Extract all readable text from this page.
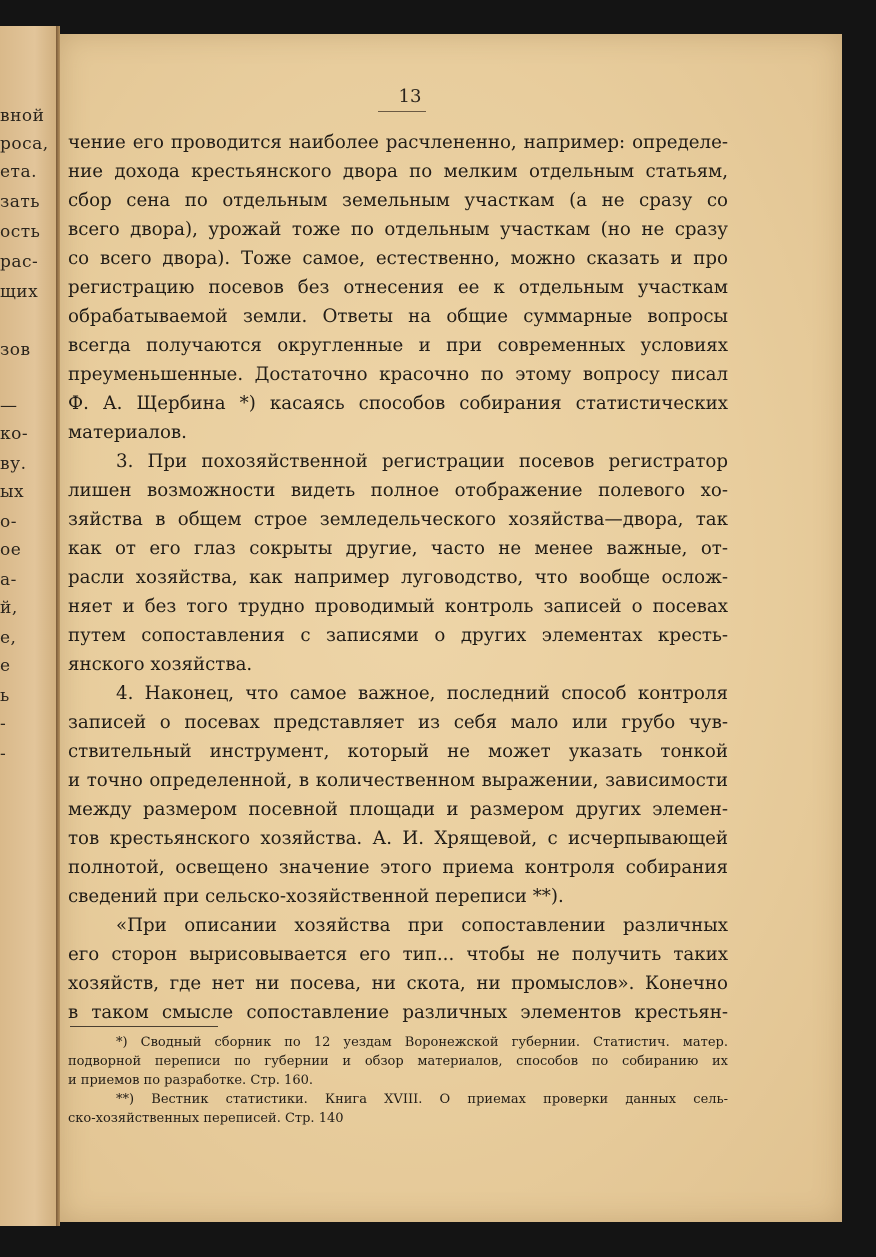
вной
роса,
ета.
зать
ость
рас-
щих
зов
—
ко-
ву.
ых
о-
ое
а-
й,
е,
е
ь
-
-
13
чение его проводится наиболее расчлененно, например: определе-
ние дохода крестьянского двора по мелким отдельным статьям,
сбор сена по отдельным земельным участкам (а не сразу со
всего двора), урожай тоже по отдельным участкам (но не сразу
со всего двора). Тоже самое, естественно, можно сказать и про
регистрацию посевов без отнесения ее к отдельным участкам
обрабатываемой земли. Ответы на общие суммарные вопросы
всегда получаются округленные и при современных условиях
преуменьшенные. Достаточно красочно по этому вопросу писал
Ф. А. Щербина *) касаясь способов собирания статистических
материалов.
3. При похозяйственной регистрации посевов регистратор
лишен возможности видеть полное отображение полевого хо-
зяйства в общем строе земледельческого хозяйства—двора, так
как от его глаз сокрыты другие, часто не менее важные, от-
расли хозяйства, как например луговодство, что вообще ослож-
няет и без того трудно проводимый контроль записей о посевах
путем сопоставления с записями о других элементах кресть-
янского хозяйства.
4. Наконец, что самое важное, последний способ контроля
записей о посевах представляет из себя мало или грубо чув-
ствительный инструмент, который не может указать тонкой
и точно определенной, в количественном выражении, зависимости
между размером посевной площади и размером других элемен-
тов крестьянского хозяйства. А. И. Хрящевой, с исчерпывающей
полнотой, освещено значение этого приема контроля собирания
сведений при сельско-хозяйственной переписи **).
«При описании хозяйства при сопоставлении различных
его сторон вырисовывается его тип... чтобы не получить таких
хозяйств, где нет ни посева, ни скота, ни промыслов». Конечно
в таком смысле сопоставление различных элементов крестьян-
*) Сводный сборник по 12 уездам Воронежской губернии. Статистич. матер.
подворной переписи по губернии и обзор материалов, способов по собиранию их
и приемов по разработке. Стр. 160.
**) Вестник статистики. Книга XVIII. О приемах проверки данных сель-
ско-хозяйственных переписей. Стр. 140
